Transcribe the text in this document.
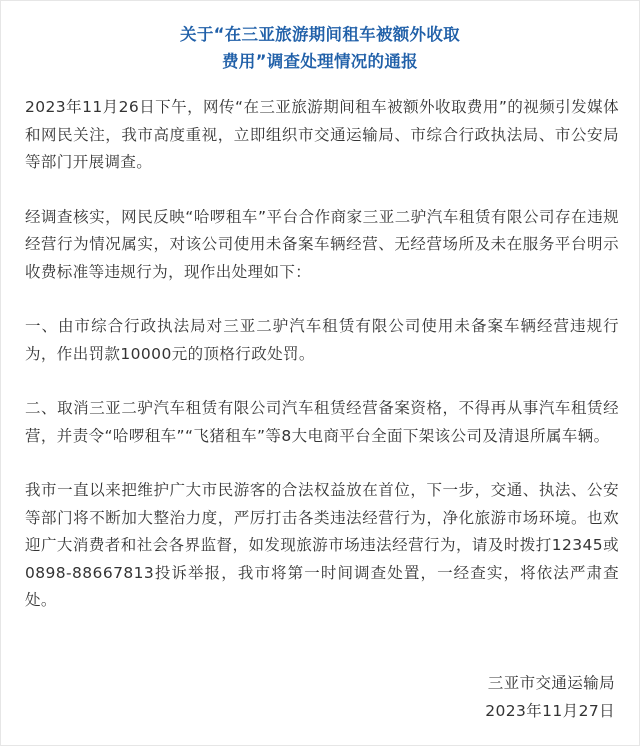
关于“在三亚旅游期间租车被额外收取
费用”调查处理情况的通报

2023年11月26日下午，网传“在三亚旅游期间租车被额外收取费用”的视频引发媒体和网民关注，我市高度重视，立即组织市交通运输局、市综合行政执法局、市公安局等部门开展调查。

经调查核实，网民反映“哈啰租车”平台合作商家三亚二驴汽车租赁有限公司存在违规经营行为情况属实，对该公司使用未备案车辆经营、无经营场所及未在服务平台明示收费标准等违规行为，现作出处理如下：

一、由市综合行政执法局对三亚二驴汽车租赁有限公司使用未备案车辆经营违规行为，作出罚款10000元的顶格行政处罚。

二、取消三亚二驴汽车租赁有限公司汽车租赁经营备案资格，不得再从事汽车租赁经营，并责令“哈啰租车”“飞猪租车”等8大电商平台全面下架该公司及清退所属车辆。

我市一直以来把维护广大市民游客的合法权益放在首位，下一步，交通、执法、公安等部门将不断加大整治力度，严厉打击各类违法经营行为，净化旅游市场环境。也欢迎广大消费者和社会各界监督，如发现旅游市场违法经营行为，请及时拨打12345或0898-88667813投诉举报，我市将第一时间调查处置，一经查实，将依法严肃查处。

三亚市交通运输局
2023年11月27日
